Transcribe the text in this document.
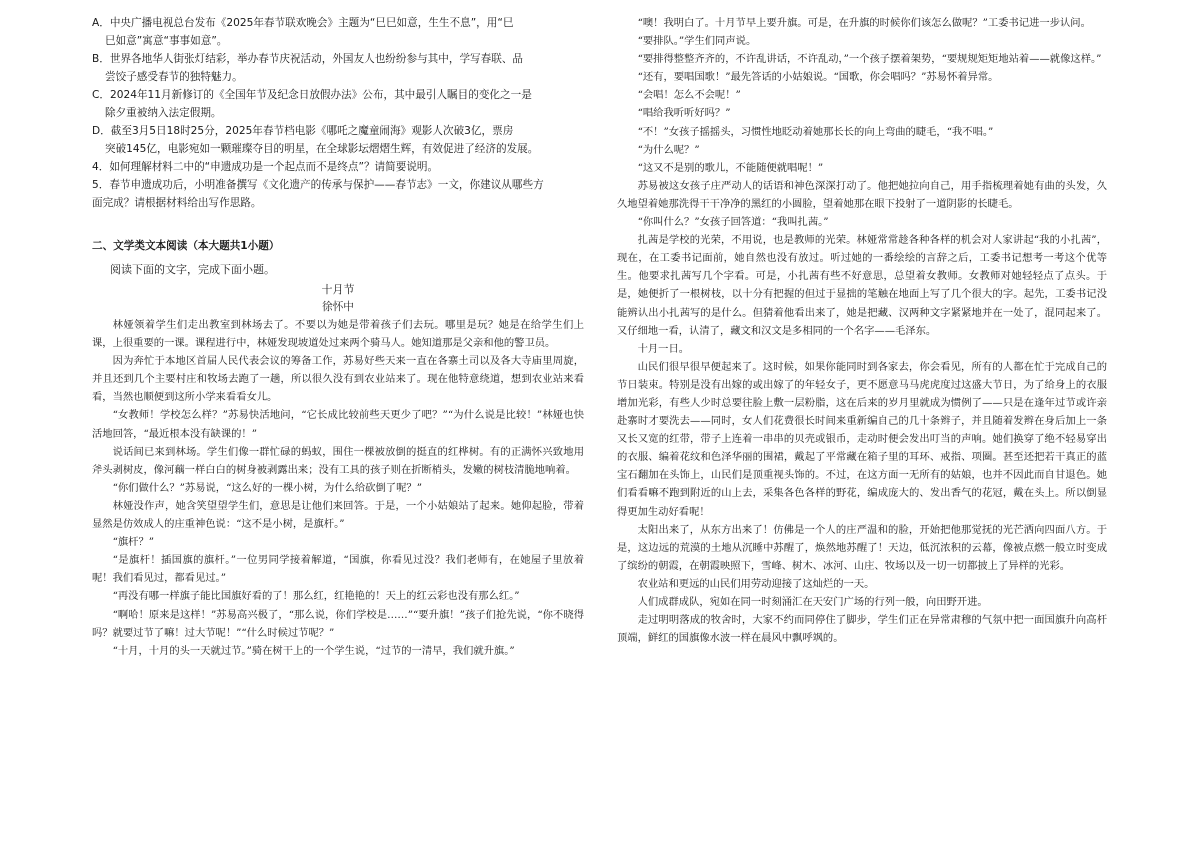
A．中央广播电视总台发布《2025年春节联欢晚会》主题为“巳巳如意，生生不息”，用“巳

巳如意”寓意“事事如意”。

B．世界各地华人街张灯结彩，举办春节庆祝活动，外国友人也纷纷参与其中，学写春联、品

尝饺子感受春节的独特魅力。

C．2024年11月新修订的《全国年节及纪念日放假办法》公布，其中最引人瞩目的变化之一是

除夕重被纳入法定假期。

D．截至3月5日18时25分，2025年春节档电影《哪吒之魔童闹海》观影人次破3亿，票房

突破145亿，电影宛如一颗璀璨夺目的明星，在全球影坛熠熠生辉，有效促进了经济的发展。

4．如何理解材料二中的“申遗成功是一个起点而不是终点”？请简要说明。

5．春节申遗成功后，小明准备撰写《文化遗产的传承与保护——春节志》一文，你建议从哪些方

面完成？请根据材料给出写作思路。

二、文学类文本阅读（本大题共1小题）

阅读下面的文字，完成下面小题。

十月节

徐怀中

林娅领着学生们走出教室到林场去了。不要以为她是带着孩子们去玩。哪里是玩？她是在给学生们上课，上很重要的一课。课程进行中，林娅发现坡道处过来两个骑马人。她知道那是父亲和他的警卫员。

因为奔忙于本地区首届人民代表会议的筹备工作，苏易好些天来一直在各寨土司以及各大寺庙里周旋，并且还到几个主要村庄和牧场去跑了一趟，所以很久没有到农业站来了。现在他特意绕道，想到农业站来看看，当然也顺便到这所小学来看看女儿。

“女教师！学校怎么样？”苏易快活地问，“它长成比较前些天更少了吧？”“为什么说是比较！”林娅也快活地回答，“最近根本没有缺课的！”

说话间已来到林场。学生们像一群忙碌的蚂蚁，围住一棵被放倒的挺直的红桦树。有的正满怀兴致地用斧头剥树皮，像河藕一样白白的树身被剥露出来；没有工具的孩子则在折断梢头，发嫩的树枝清脆地响着。

“你们做什么？”苏易说，“这么好的一棵小树，为什么给砍倒了呢？”

林娅没作声，她含笑望望学生们，意思是让他们来回答。于是，一个小姑娘站了起来。她仰起脸，带着显然是仿效成人的庄重神色说：“这不是小树，是旗杆。”

“旗杆？”

“是旗杆！插国旗的旗杆。”一位男同学接着解道，“国旗，你看见过没？我们老师有，在她屋子里放着呢！我们看见过，都看见过。”

“再没有哪一样旗子能比国旗好看的了！那么红，红艳艳的！天上的红云彩也没有那么红。”

“啊哈！原来是这样！”苏易高兴极了，“那么说，你们学校是……”“要升旗！”孩子们抢先说，“你不晓得吗？就要过节了嘛！过大节呢！”“什么时候过节呢？”

“十月，十月的头一天就过节。”骑在树干上的一个学生说，“过节的一清早，我们就升旗。”

“噢！我明白了。十月节早上要升旗。可是，在升旗的时候你们该怎么做呢？”工委书记进一步认问。

“要排队。”学生们同声说。

“要排得整整齐齐的，不许乱讲话，不许乱动，”一个孩子摆着架势，“要规规矩矩地站着——就像这样。”

“还有，要唱国歌！”最先答话的小姑娘说。“国歌，你会唱吗？”苏易怀着异常。

“会唱！怎么不会呢！”

“唱给我听听好吗？”

“不！”女孩子摇摇头，习惯性地眨动着她那长长的向上弯曲的睫毛，“我不唱。”

“为什么呢？”

“这又不是别的歌儿，不能随便就唱呢！”

苏易被这女孩子庄严动人的话语和神色深深打动了。他把她拉向自己，用手指梳理着她有曲的头发，久久地望着她那洗得干干净净的黑红的小圆脸，望着她那在眼下投射了一道阴影的长睫毛。

“你叫什么？”女孩子回答道：“我叫扎茜。”

扎茜是学校的光荣，不用说，也是教师的光荣。林娅常常趁各种各样的机会对人家讲起“我的小扎茜”，现在，在工委书记面前，她自然也没有放过。听过她的一番绘绘的言辞之后，工委书记想考一考这个优等生。他要求扎茜写几个字看。可是，小扎茜有些不好意思，总望着女教师。女教师对她轻轻点了点头。于是，她便折了一根树枝，以十分有把握的但过于显拙的笔触在地面上写了几个很大的字。起先，工委书记没能辨认出小扎茜写的是什么。但猜着他看出来了，她是把藏、汉两种文字紧紧地并在一处了，混同起来了。又仔细地一看，认清了，藏文和汉文是多相同的一个名字——毛泽东。

十月一日。

山民们很早很早便起来了。这时候，如果你能同时到各家去，你会看见，所有的人都在忙于完成自己的节日装束。特别是没有出嫁的或出嫁了的年轻女子，更不愿意马马虎虎度过这盛大节日，为了给身上的衣服增加光彩，有些人少时总要往脸上敷一层粉脂，这在后来的岁月里就成为惯例了——只是在逢年过节或许亲赴寨时才要洗去——同时，女人们花费很长时间来重新编自己的几十条辫子，并且随着发辫在身后加上一条又长又宽的红带，带子上连着一串串的贝壳或银币，走动时便会发出叮当的声响。她们换穿了绝不轻易穿出的衣服、编着花纹和色泽华丽的围裙，戴起了平常藏在箱子里的耳环、戒指、项圈。甚至还把若干真正的蓝宝石翻加在头饰上，山民们是顶重视头饰的。不过，在这方面一无所有的姑娘，也并不因此而自甘退色。她们看看嘛不跑到附近的山上去，采集各色各样的野花，编成庞大的、发出香气的花冠，戴在头上。所以倒显得更加生动好看呢！

太阳出来了，从东方出来了！仿佛是一个人的庄严温和的脸，开始把他那觉抚的光芒洒向四面八方。于是，这边远的荒漠的土地从沉睡中苏醒了，焕然地苏醒了！天边，低沉浓积的云幕，像被点燃一般立时变成了缤纷的朝霞，在朝霞映照下，雪峰、树木、冰河、山庄、牧场以及一切一切都披上了异样的光彩。

农业站和更远的山民们用劳动迎接了这灿烂的一天。

人们成群成队，宛如在同一时刻涌汇在天安门广场的行列一般，向田野开进。

走过明明落成的牧舍时，大家不约而同停住了脚步，学生们正在异常肃穆的气氛中把一面国旗升向高杆顶端，鲜红的国旗像水波一样在晨风中飘呼飒的。
